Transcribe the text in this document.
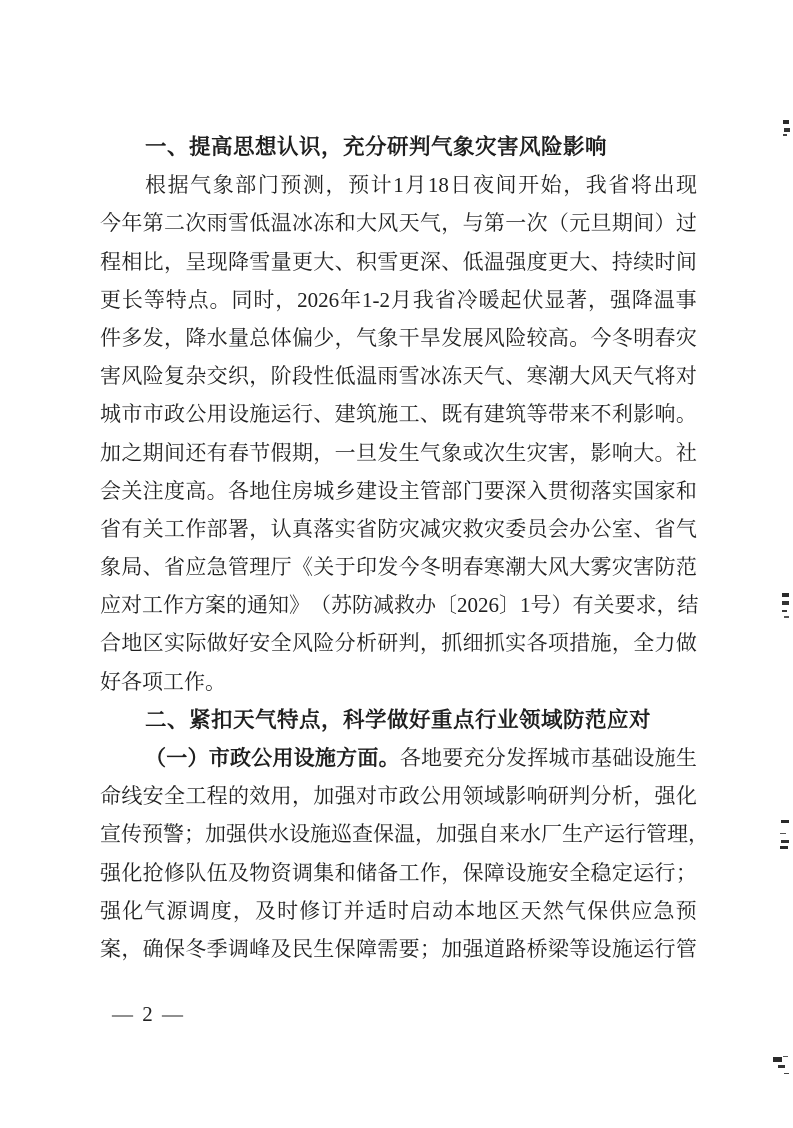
一、提高思想认识，充分研判气象灾害风险影响
根 据 气 象 部 门 预 测 ， 预 计 1 月 18 日 夜 间 开 始 ， 我 省 将 出 现
今 年 第 二 次 雨 雪 低 温 冰 冻 和 大 风 天 气 ， 与 第 一 次 （ 元 旦 期 间 ） 过
程 相 比 ， 呈 现 降 雪 量 更 大 、 积 雪 更 深 、 低 温 强 度 更 大 、 持 续 时 间
更 长 等 特 点 。 同 时 ， 2026 年 1-2 月 我 省 冷 暖 起 伏 显 著 ， 强 降 温 事
件 多 发 ， 降 水 量 总 体 偏 少 ， 气 象 干 旱 发 展 风 险 较 高 。 今 冬 明 春 灾
害 风 险 复 杂 交 织 ， 阶 段 性 低 温 雨 雪 冰 冻 天 气 、 寒 潮 大 风 天 气 将 对
城 市 市 政 公 用 设 施 运 行 、 建 筑 施 工 、 既 有 建 筑 等 带 来 不 利 影 响 。
加 之 期 间 还 有 春 节 假 期 ， 一 旦 发 生 气 象 或 次 生 灾 害 ， 影 响 大 。 社
会 关 注 度 高 。 各 地 住 房 城 乡 建 设 主 管 部 门 要 深 入 贯 彻 落 实 国 家 和
省 有 关 工 作 部 署 ， 认 真 落 实 省 防 灾 减 灾 救 灾 委 员 会 办 公 室 、 省 气
象 局 、 省 应 急 管 理 厅 《 关 于 印 发 今 冬 明 春 寒 潮 大 风 大 雾 灾 害 防 范
应 对 工 作 方 案 的 通 知 》 （ 苏 防 减 救 办 〔 2026 〕 1 号 ） 有 关 要 求 ， 结
合 地 区 实 际 做 好 安 全 风 险 分 析 研 判 ， 抓 细 抓 实 各 项 措 施 ， 全 力 做
好各项工作。
二、紧扣天气特点，科学做好重点行业领域防范应对
（ 一 ） 市 政 公 用 设 施 方 面 。 各 地 要 充 分 发 挥 城 市 基 础 设 施 生
命 线 安 全 工 程 的 效 用 ， 加 强 对 市 政 公 用 领 域 影 响 研 判 分 析 ， 强 化
宣 传 预 警 ； 加 强 供 水 设 施 巡 查 保 温 ， 加 强 自 来 水 厂 生 产 运 行 管 理 ，
强 化 抢 修 队 伍 及 物 资 调 集 和 储 备 工 作 ， 保 障 设 施 安 全 稳 定 运 行 ；
强 化 气 源 调 度 ， 及 时 修 订 并 适 时 启 动 本 地 区 天 然 气 保 供 应 急 预
案 ， 确 保 冬 季 调 峰 及 民 生 保 障 需 要 ； 加 强 道 路 桥 梁 等 设 施 运 行 管
— 2 —
